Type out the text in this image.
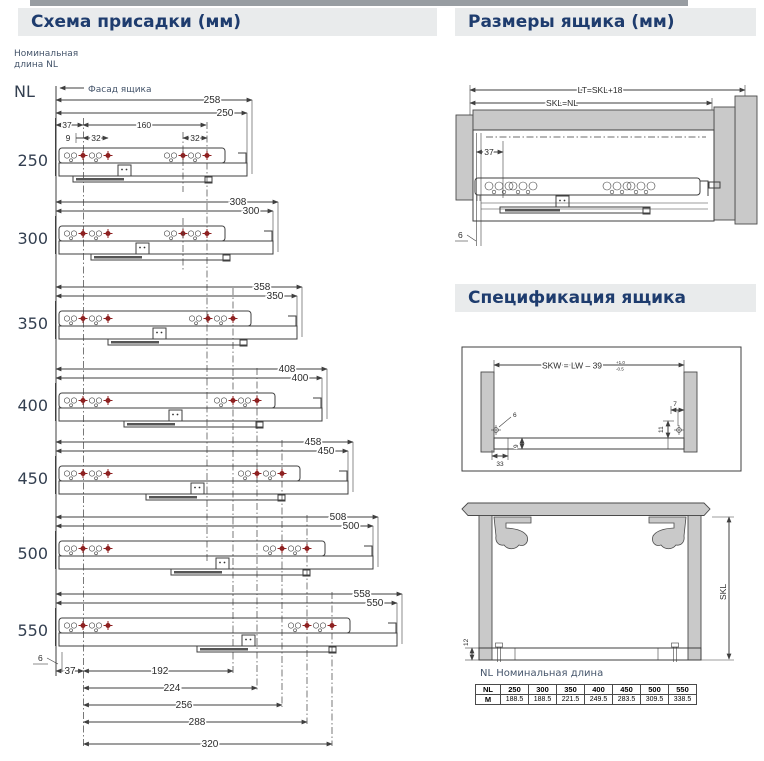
Схема присадки (мм)	Размеры ящика (мм)
Спецификация ящика
Номинальная
длина NL
NL	Фасад ящика
250
258
250
37	160
9 32	32
300
308
300
350
358
350
400
408
400
450
458
450
500
508
500
550
558
550
6
37	192
224
256
288
320
LT=SKL+18
SKL=NL
37
6
SKW = LW – 39	+1.0
-0.5
6
9
33
11
7
12
SKL
NL Номинальная длина
NL	250	300	350	400	450	500	550
M	188.5	188.5	221.5	249.5	283.5	309.5	338.5
